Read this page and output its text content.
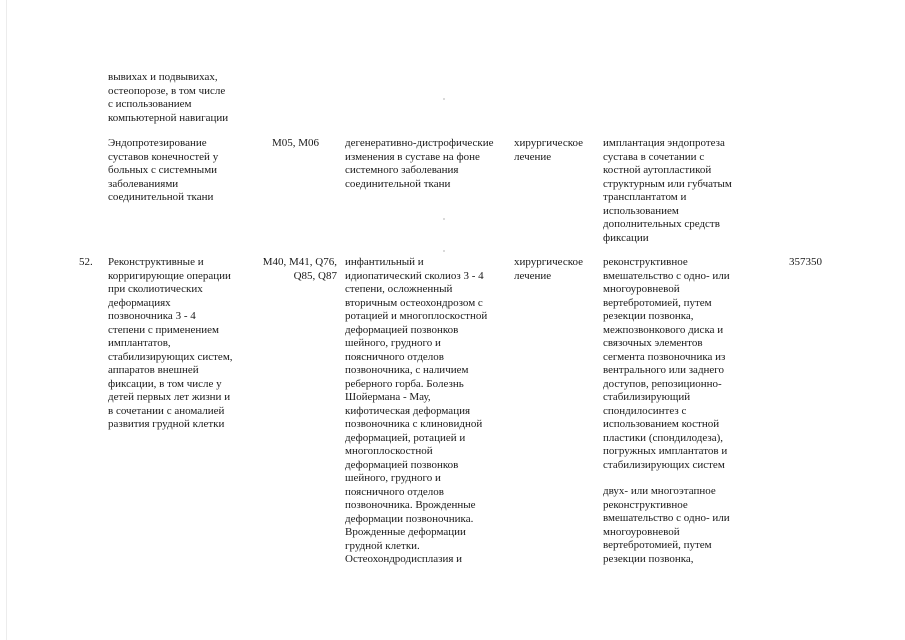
вывихах и подвывихах,
остеопорозе, в том числе
с использованием
компьютерной навигации
Эндопротезирование
суставов конечностей у
больных с системными
заболеваниями
соединительной ткани
M05, M06	дегенеративно-дистрофические
изменения в суставе на фоне
системного заболевания
соединительной ткани
хирургическое
лечение
имплантация эндопротеза
сустава в сочетании с
костной аутопластикой
структурным или губчатым
трансплантатом и
использованием
дополнительных средств
фиксации
52. Реконструктивные и
корригирующие операции
при сколиотических
деформациях
позвоночника 3 - 4
степени с применением
имплантатов,
стабилизирующих систем,
аппаратов внешней
фиксации, в том числе у
детей первых лет жизни и
в сочетании с аномалией
развития грудной клетки
M40, M41, Q76,
Q85, Q87
инфантильный и
идиопатический сколиоз 3 - 4
степени, осложненный
вторичным остеохондрозом с
ротацией и многоплоскостной
деформацией позвонков
шейного, грудного и
поясничного отделов
позвоночника, с наличием
реберного горба. Болезнь
Шойермана - Мау,
кифотическая деформация
позвоночника с клиновидной
деформацией, ротацией и
многоплоскостной
деформацией позвонков
шейного, грудного и
поясничного отделов
позвоночника. Врожденные
деформации позвоночника.
Врожденные деформации
грудной клетки.
Остеохондродисплазия и
хирургическое
лечение
реконструктивное
вмешательство с одно- или
многоуровневой
вертебротомией, путем
резекции позвонка,
межпозвонкового диска и
связочных элементов
сегмента позвоночника из
вентрального или заднего
доступов, репозиционно-
стабилизирующий
спондилосинтез с
использованием костной
пластики (спондилодеза),
погружных имплантатов и
стабилизирующих систем
двух- или многоэтапное
реконструктивное
вмешательство с одно- или
многоуровневой
вертебротомией, путем
резекции позвонка,
357350
